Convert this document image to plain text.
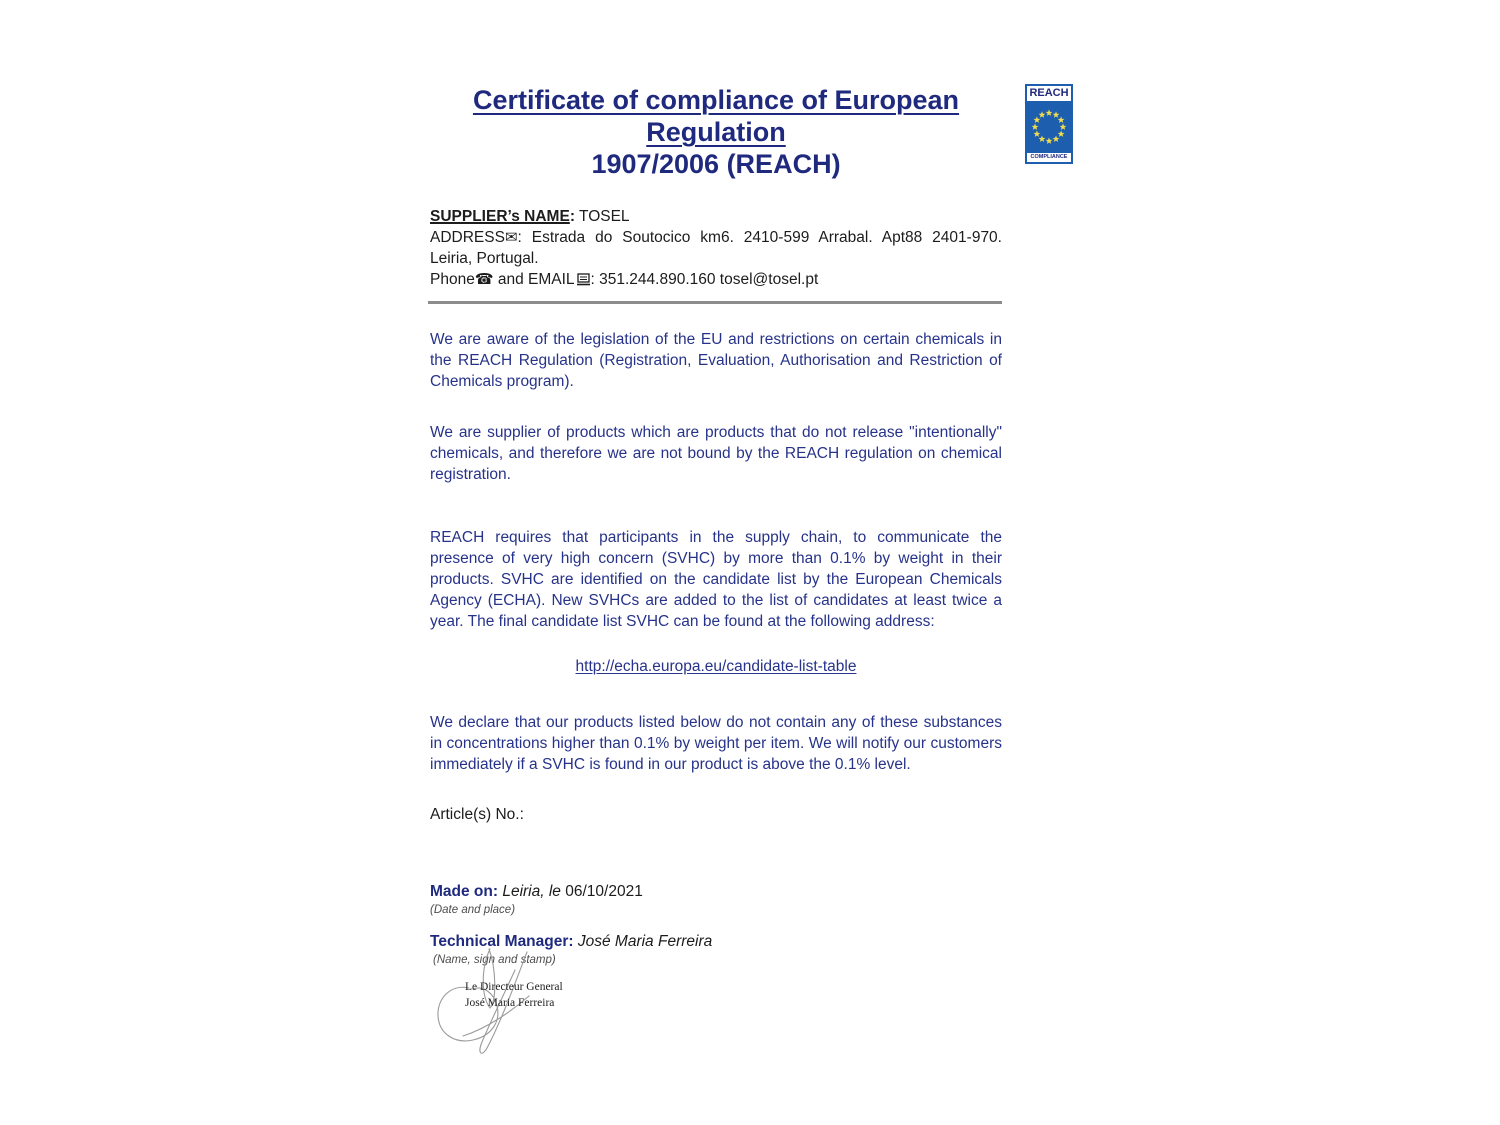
Certificate of compliance of European Regulation
1907/2006 (REACH)
SUPPLIER’s NAME: TOSEL
ADDRESS✉: Estrada do Soutocico km6. 2410-599 Arrabal. Apt88 2401-970. Leiria, Portugal.
Phone☎ and EMAIL : 351.244.890.160 tosel@tosel.pt

We are aware of the legislation of the EU and restrictions on certain chemicals in the REACH Regulation (Registration, Evaluation, Authorisation and Restriction of Chemicals program).

We are supplier of products which are products that do not release "intentionally" chemicals, and therefore we are not bound by the REACH regulation on chemical registration.

REACH requires that participants in the supply chain, to communicate the presence of very high concern (SVHC) by more than 0.1% by weight in their products. SVHC are identified on the candidate list by the European Chemicals Agency (ECHA). New SVHCs are added to the list of candidates at least twice a year. The final candidate list SVHC can be found at the following address:

http://echa.europa.eu/candidate-list-table

We declare that our products listed below do not contain any of these substances in concentrations higher than 0.1% by weight per item. We will notify our customers immediately if a SVHC is found in our product is above the 0.1% level.

Article(s) No.:
Made on: Leiria, le 06/10/2021
(Date and place)
Technical Manager: José Maria Ferreira
(Name, sign and stamp)
REACH
COMPLIANCE
Le Directeur General
José Maria Ferreira
